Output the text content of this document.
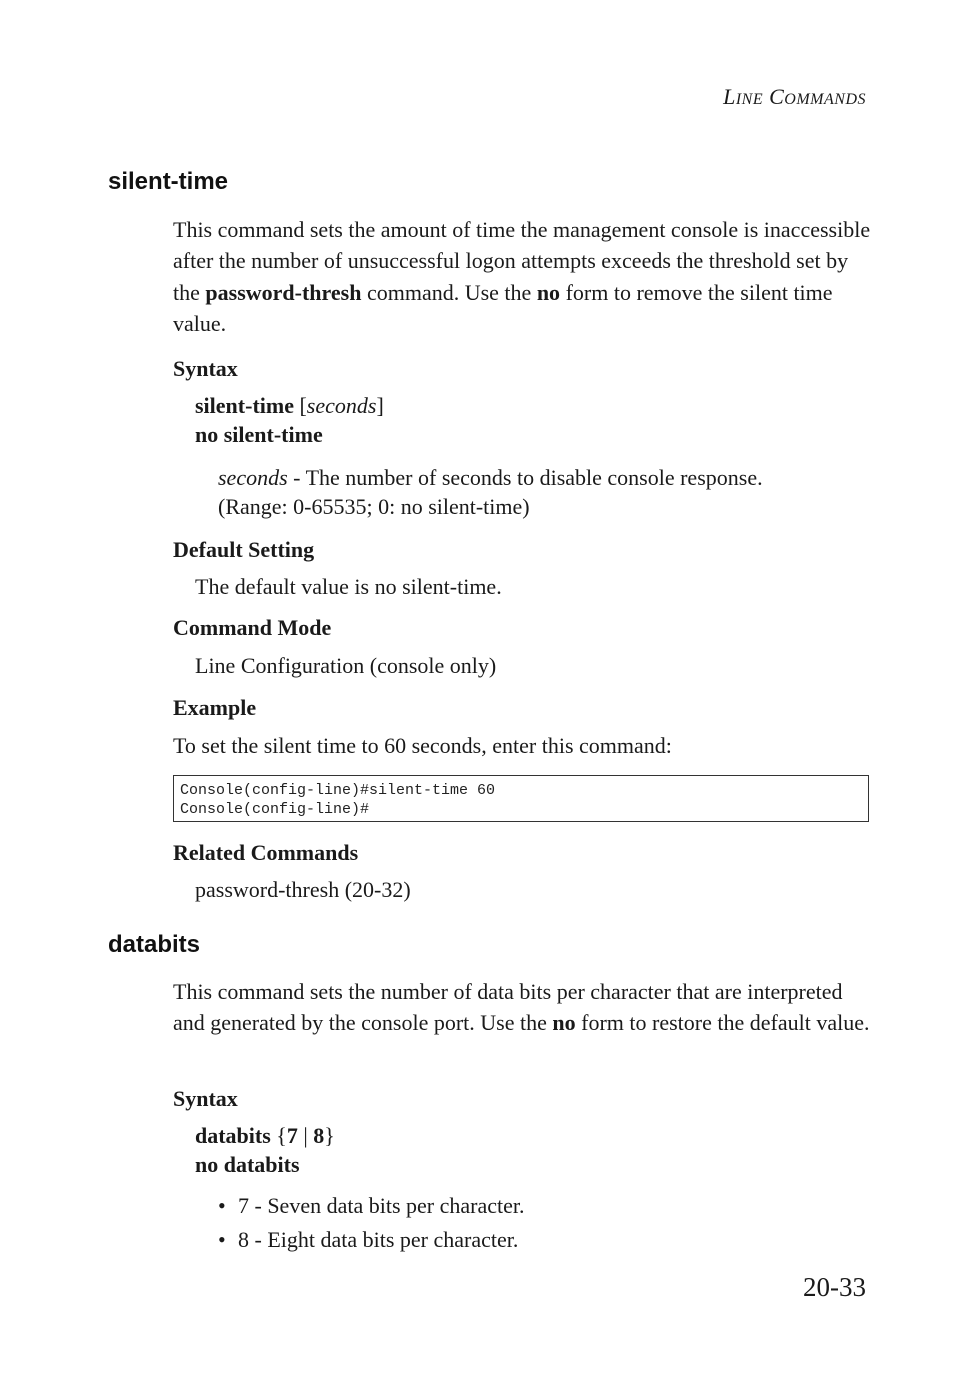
LINE COMMANDS
silent-time

This command sets the amount of time the management console is inaccessible after the number of unsuccessful logon attempts exceeds the threshold set by the password-thresh command. Use the no form to remove the silent time value.

Syntax

silent-time [seconds]

no silent-time

seconds - The number of seconds to disable console response.
(Range: 0-65535; 0: no silent-time)

Default Setting

The default value is no silent-time.

Command Mode

Line Configuration (console only)

Example

To set the silent time to 60 seconds, enter this command:

Console(config-line)#silent-time 60
Console(config-line)#
Related Commands

password-thresh (20-32)

databits

This command sets the number of data bits per character that are interpreted and generated by the console port. Use the no form to restore the default value.

Syntax

databits {7 | 8}

no databits

• 7 - Seven data bits per character.

• 8 - Eight data bits per character.

20-33
